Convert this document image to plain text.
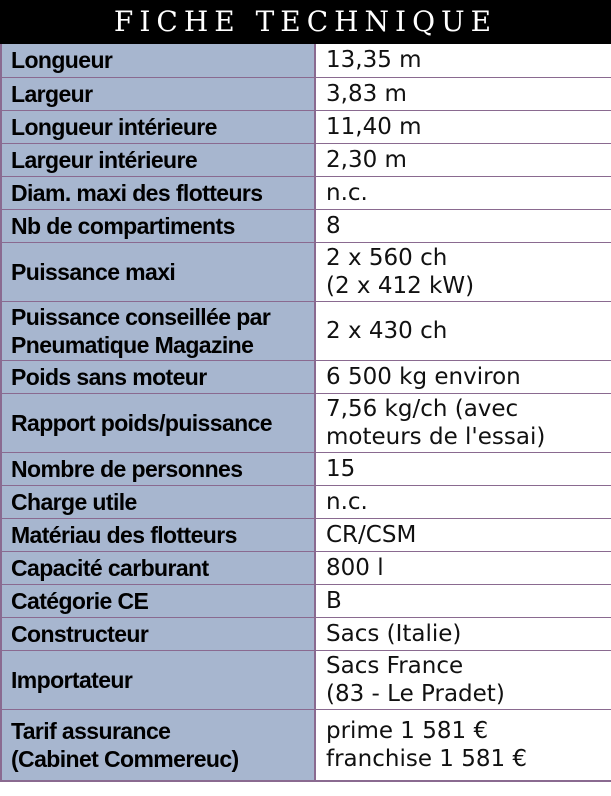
FICHE TECHNIQUE
Longueur	13,35 m

Largeur	3,83 m

Longueur intérieure	11,40 m

Largeur intérieure	2,30 m

Diam. maxi des flotteurs	n.c.

Nb de compartiments	8

Puissance maxi	2 x 560 ch
(2 x 412 kW)

Puissance conseillée par
Pneumatique Magazine	2 x 430 ch

Poids sans moteur	6 500 kg environ

Rapport poids/puissance	7,56 kg/ch (avec
moteurs de l'essai)

Nombre de personnes	15

Charge utile	n.c.

Matériau des flotteurs	CR/CSM

Capacité carburant	800 l

Catégorie CE	B

Constructeur	Sacs (Italie)

Importateur	Sacs France
(83 - Le Pradet)

Tarif assurance
(Cabinet Commereuc)	prime 1 581 €
franchise 1 581 €
